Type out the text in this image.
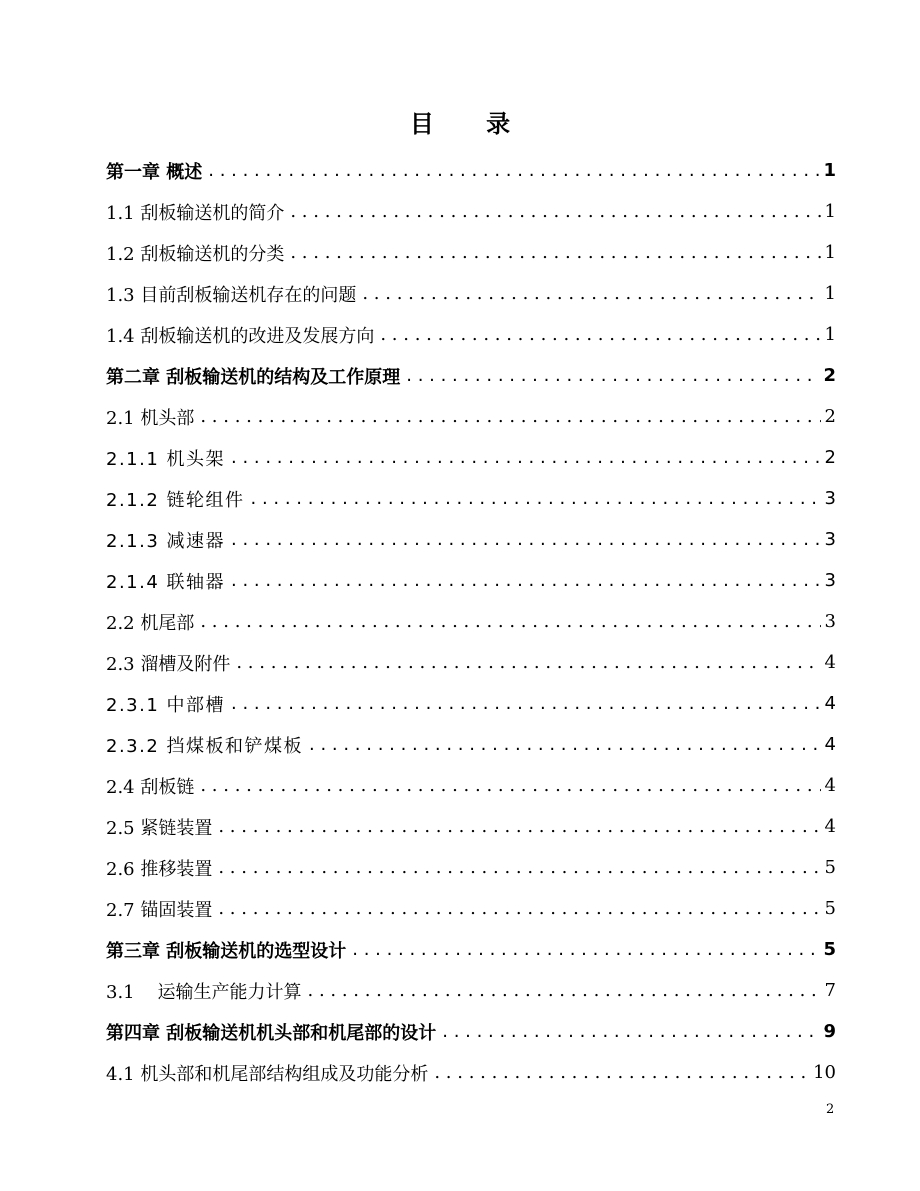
目 录
第一章 概述 . . .	1
1.1 刮板输送机的简介 . . .	1
1.2 刮板输送机的分类 . . .	1
1.3 目前刮板输送机存在的问题 . . .	1
1.4 刮板输送机的改进及发展方向 . . .	1
第二章 刮板输送机的结构及工作原理 . . .	2
2.1 机头部 . . .	2
2.1.1 机头架 . . .	2
2.1.2 链轮组件 . . .	3
2.1.3 减速器 . . .	3
2.1.4 联轴器 . . .	3
2.2 机尾部 . . .	3
2.3 溜槽及附件 . . .	4
2.3.1 中部槽 . . .	4
2.3.2 挡煤板和铲煤板 . . .	4
2.4 刮板链 . . .	4
2.5 紧链装置 . . .	4
2.6 推移装置 . . .	5
2.7 锚固装置 . . .	5
第三章 刮板输送机的选型设计 . . .	5
3.1    运输生产能力计算 . . .	7
第四章 刮板输送机机头部和机尾部的设计 . . .	9
4.1 机头部和机尾部结构组成及功能分析 . . .	10
2
